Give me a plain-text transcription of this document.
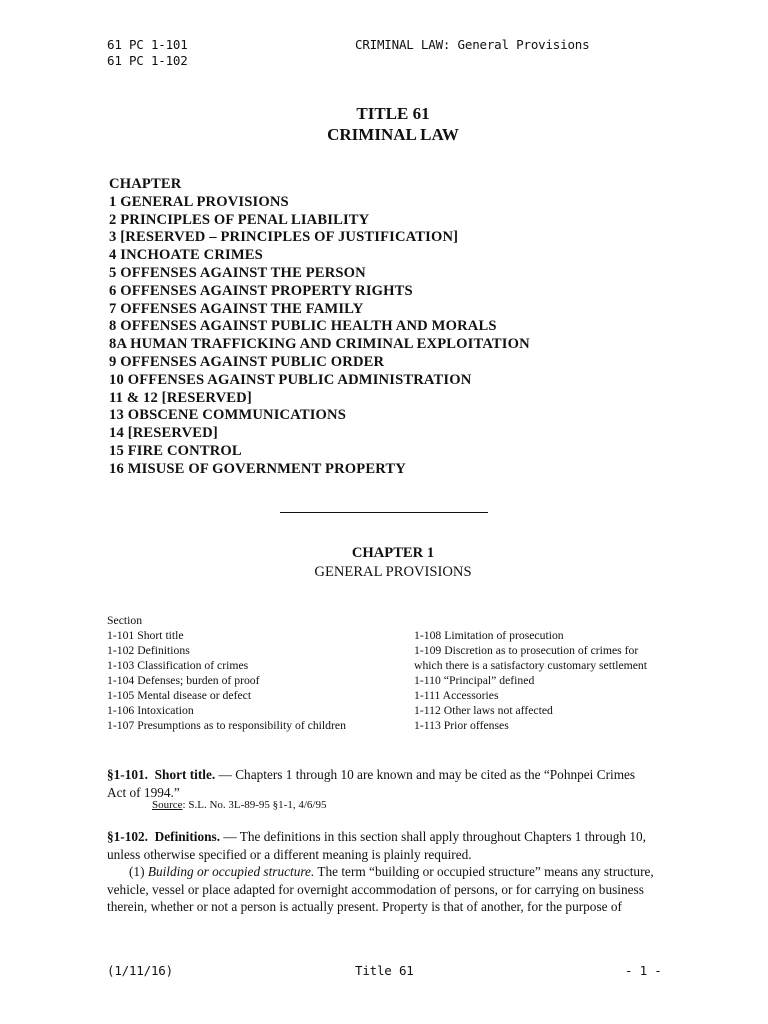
61 PC 1-101
61 PC 1-102
CRIMINAL LAW: General Provisions
TITLE 61
CRIMINAL LAW
CHAPTER
1 GENERAL PROVISIONS
2 PRINCIPLES OF PENAL LIABILITY
3 [RESERVED – PRINCIPLES OF JUSTIFICATION]
4 INCHOATE CRIMES
5 OFFENSES AGAINST THE PERSON
6 OFFENSES AGAINST PROPERTY RIGHTS
7 OFFENSES AGAINST THE FAMILY
8 OFFENSES AGAINST PUBLIC HEALTH AND MORALS
8A HUMAN TRAFFICKING AND CRIMINAL EXPLOITATION
9 OFFENSES AGAINST PUBLIC ORDER
10 OFFENSES AGAINST PUBLIC ADMINISTRATION
11 & 12 [RESERVED]
13 OBSCENE COMMUNICATIONS
14 [RESERVED]
15 FIRE CONTROL
16 MISUSE OF GOVERNMENT PROPERTY
CHAPTER 1
GENERAL PROVISIONS
Section
1-101 Short title
1-102 Definitions
1-103 Classification of crimes
1-104 Defenses; burden of proof
1-105 Mental disease or defect
1-106 Intoxication
1-107 Presumptions as to responsibility of children
1-108 Limitation of prosecution
1-109 Discretion as to prosecution of crimes for
which there is a satisfactory customary settlement
1-110 “Principal” defined
1-111 Accessories
1-112 Other laws not affected
1-113 Prior offenses
§1-101. Short title. — Chapters 1 through 10 are known and may be cited as the “Pohnpei Crimes
Act of 1994.”
Source: S.L. No. 3L-89-95 §1-1, 4/6/95
§1-102. Definitions. — The definitions in this section shall apply throughout Chapters 1 through 10,
unless otherwise specified or a different meaning is plainly required.
(1) Building or occupied structure. The term “building or occupied structure” means any structure,
vehicle, vessel or place adapted for overnight accommodation of persons, or for carrying on business
therein, whether or not a person is actually present. Property is that of another, for the purpose of
(1/11/16)	Title 61	- 1 -
